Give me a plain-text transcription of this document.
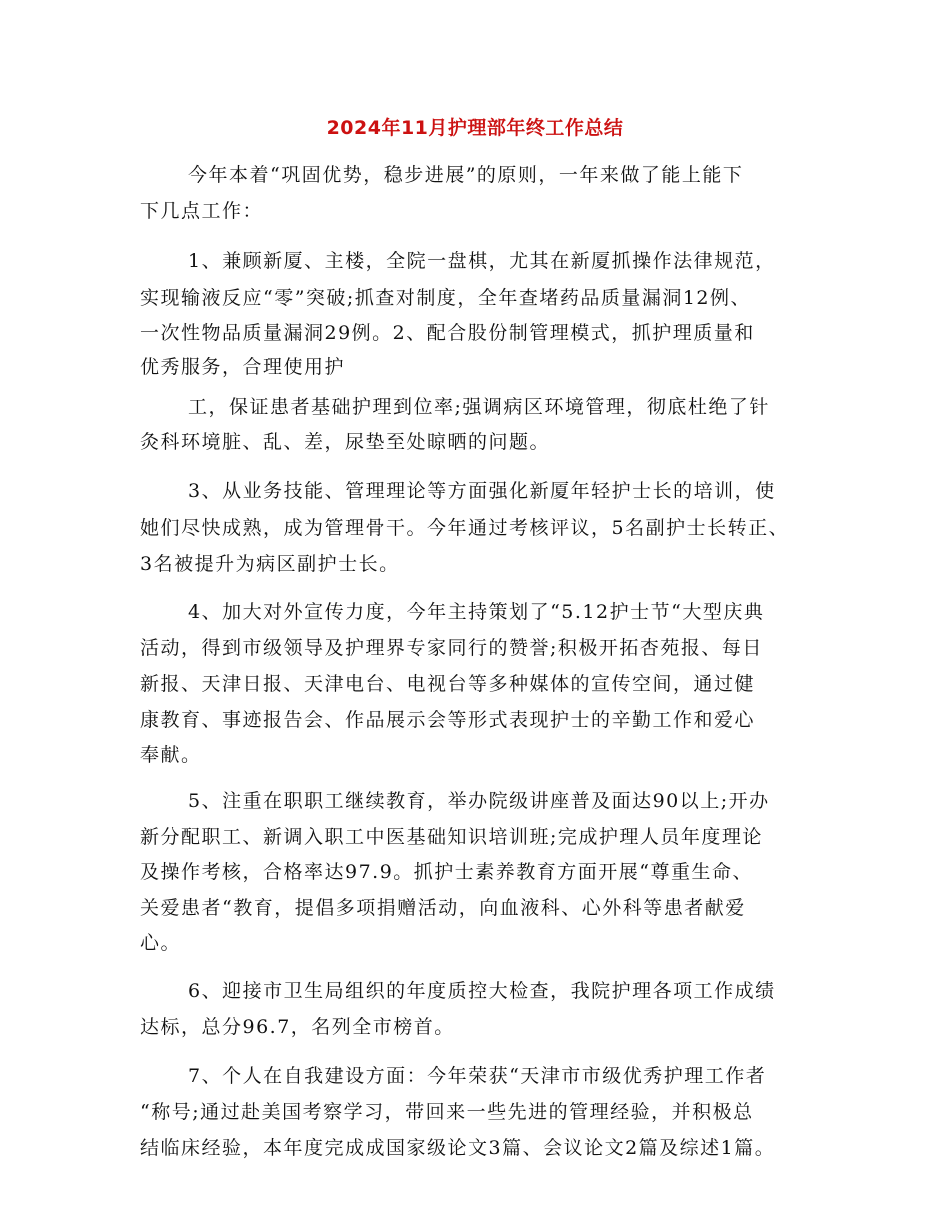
2024年11月护理部年终工作总结

今年本着“巩固优势，稳步进展”的原则，一年来做了能上能下

下几点工作：

1、兼顾新厦、主楼，全院一盘棋，尤其在新厦抓操作法律规范，

实现输液反应“零”突破;抓查对制度，全年查堵药品质量漏洞12例、

一次性物品质量漏洞29例。2、配合股份制管理模式，抓护理质量和

优秀服务，合理使用护

工，保证患者基础护理到位率;强调病区环境管理，彻底杜绝了针

灸科环境脏、乱、差，尿垫至处晾晒的问题。

3、从业务技能、管理理论等方面强化新厦年轻护士长的培训，使

她们尽快成熟，成为管理骨干。今年通过考核评议，5名副护士长转正、

3名被提升为病区副护士长。

4、加大对外宣传力度，今年主持策划了“5.12护士节“大型庆典

活动，得到市级领导及护理界专家同行的赞誉;积极开拓杏苑报、每日

新报、天津日报、天津电台、电视台等多种媒体的宣传空间，通过健

康教育、事迹报告会、作品展示会等形式表现护士的辛勤工作和爱心

奉献。

5、注重在职职工继续教育，举办院级讲座普及面达90以上;开办

新分配职工、新调入职工中医基础知识培训班;完成护理人员年度理论

及操作考核，合格率达97.9。抓护士素养教育方面开展“尊重生命、

关爱患者“教育，提倡多项捐赠活动，向血液科、心外科等患者献爱

心。

6、迎接市卫生局组织的年度质控大检查，我院护理各项工作成绩

达标，总分96.7，名列全市榜首。

7、个人在自我建设方面：今年荣获“天津市市级优秀护理工作者

“称号;通过赴美国考察学习，带回来一些先进的管理经验，并积极总

结临床经验，本年度完成成国家级论文3篇、会议论文2篇及综述1篇。
